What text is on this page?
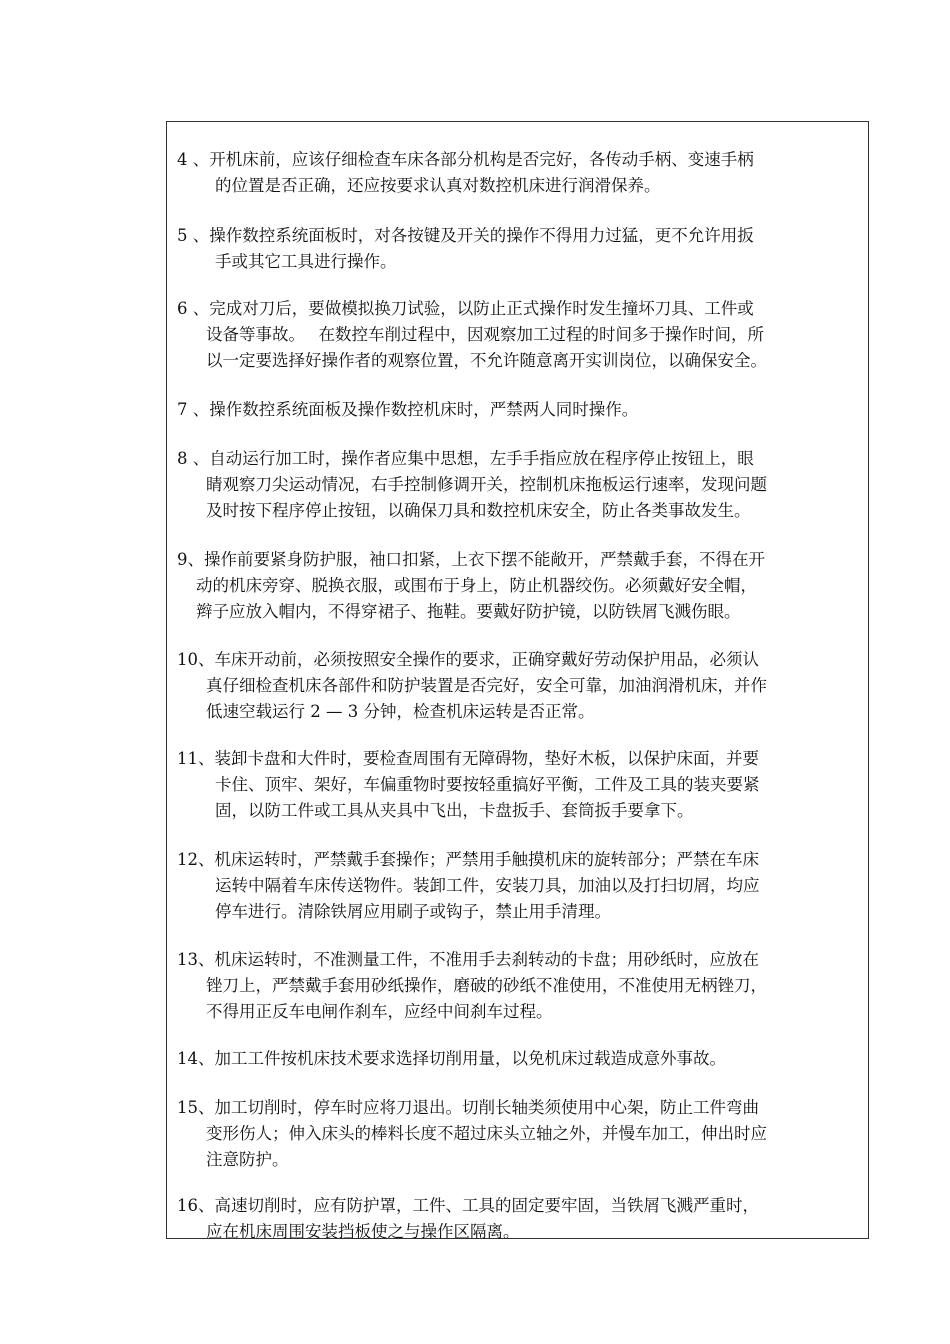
4 、开机床前，应该仔细检查车床各部分机构是否完好，各传动手柄、变速手柄
的位置是否正确，还应按要求认真对数控机床进行润滑保养。
5 、操作数控系统面板时，对各按键及开关的操作不得用力过猛，更不允许用扳
手或其它工具进行操作。
6 、完成对刀后，要做模拟换刀试验，以防止正式操作时发生撞坏刀具、工件或
设备等事故。　 在数控车削过程中，因观察加工过程的时间多于操作时间，所
以一定要选择好操作者的观察位置，不允许随意离开实训岗位，以确保安全。
7 、操作数控系统面板及操作数控机床时，严禁两人同时操作。
8 、自动运行加工时，操作者应集中思想，左手手指应放在程序停止按钮上，眼
睛观察刀尖运动情况，右手控制修调开关，控制机床拖板运行速率，发现问题
及时按下程序停止按钮，以确保刀具和数控机床安全，防止各类事故发生。
9、操作前要紧身防护服，袖口扣紧，上衣下摆不能敞开，严禁戴手套，不得在开
动的机床旁穿、脱换衣服，或围布于身上，防止机器绞伤。必须戴好安全帽，
辫子应放入帽内，不得穿裙子、拖鞋。要戴好防护镜，以防铁屑飞溅伤眼。
10、车床开动前，必须按照安全操作的要求，正确穿戴好劳动保护用品，必须认
真仔细检查机床各部件和防护装置是否完好，安全可靠，加油润滑机床，并作
低速空载运行 2 — 3 分钟，检查机床运转是否正常。
11、装卸卡盘和大件时，要检查周围有无障碍物，垫好木板，以保护床面，并要
卡住、顶牢、架好，车偏重物时要按轻重搞好平衡，工件及工具的装夹要紧
固，以防工件或工具从夹具中飞出，卡盘扳手、套筒扳手要拿下。
12、机床运转时，严禁戴手套操作；严禁用手触摸机床的旋转部分；严禁在车床
运转中隔着车床传送物件。装卸工件，安装刀具，加油以及打扫切屑，均应
停车进行。清除铁屑应用刷子或钩子，禁止用手清理。
13、机床运转时，不准测量工件，不准用手去刹转动的卡盘；用砂纸时，应放在
锉刀上，严禁戴手套用砂纸操作，磨破的砂纸不准使用，不准使用无柄锉刀，
不得用正反车电闸作刹车，应经中间刹车过程。
14、加工工件按机床技术要求选择切削用量，以免机床过载造成意外事故。
15、加工切削时，停车时应将刀退出。切削长轴类须使用中心架，防止工件弯曲
变形伤人；伸入床头的棒料长度不超过床头立轴之外，并慢车加工，伸出时应
注意防护。
16、高速切削时，应有防护罩，工件、工具的固定要牢固，当铁屑飞溅严重时，
应在机床周围安装挡板使之与操作区隔离。
